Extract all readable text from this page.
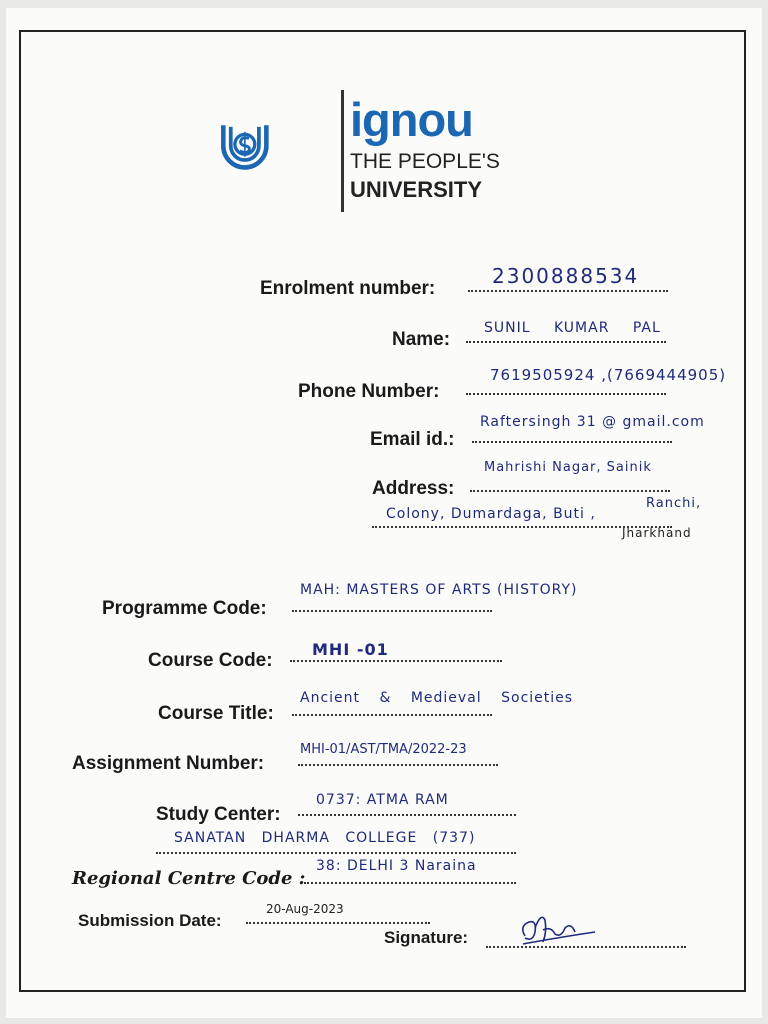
ignou
THE PEOPLE'S
UNIVERSITY
Enrolment number:
2300888534
Name:
SUNIL KUMAR PAL
Phone Number:
7619505924 ,(7669444905)
Email id.:
Raftersingh 31 @ gmail.com
Address:
Mahrishi Nagar, Sainik
Colony, Dumardaga, Buti ,
Ranchi,
Jharkhand
Programme Code:
MAH: MASTERS OF ARTS (HISTORY)
Course Code:
MHI -01
Course Title:
Ancient & Medieval Societies
Assignment Number:
MHI-01/AST/TMA/2022-23
Study Center:
0737: ATMA RAM
SANATAN DHARMA COLLEGE (737)
Regional Centre Code :
38: DELHI 3 Naraina
Submission Date:
20-Aug-2023
Signature:
